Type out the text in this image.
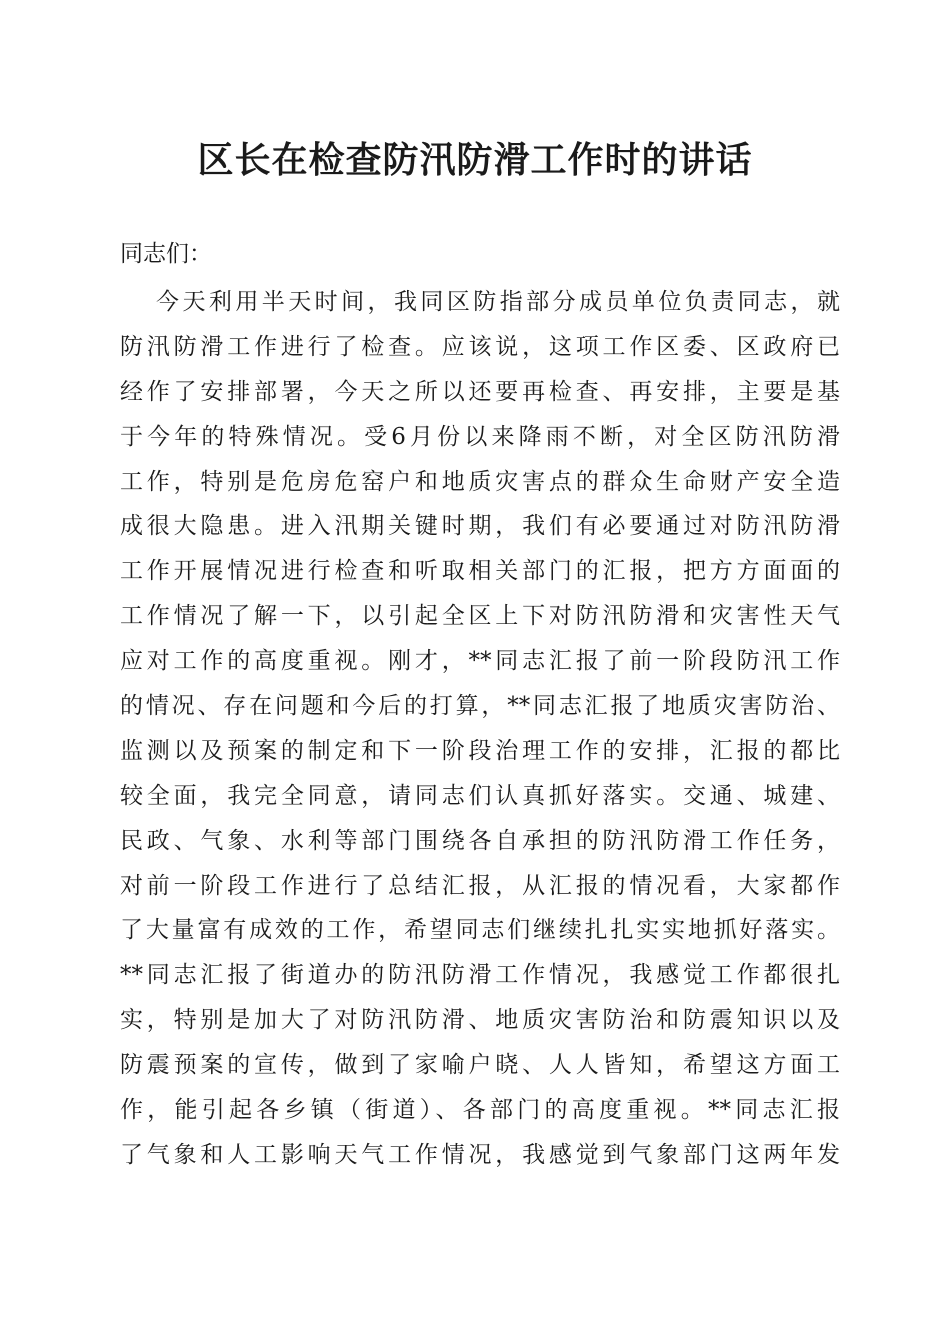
区长在检查防汛防滑工作时的讲话
同志们：
今天利用半天时间，我同区防指部分成员单位负责同志，就
防汛防滑工作进行了检查。应该说，这项工作区委、区政府已
经作了安排部署，今天之所以还要再检查、再安排，主要是基
于今年的特殊情况。受6月份以来降雨不断，对全区防汛防滑
工作，特别是危房危窑户和地质灾害点的群众生命财产安全造
成很大隐患。进入汛期关键时期，我们有必要通过对防汛防滑
工作开展情况进行检查和听取相关部门的汇报，把方方面面的
工作情况了解一下，以引起全区上下对防汛防滑和灾害性天气
应对工作的高度重视。刚才，**同志汇报了前一阶段防汛工作
的情况、存在问题和今后的打算，**同志汇报了地质灾害防治、
监测以及预案的制定和下一阶段治理工作的安排，汇报的都比
较全面，我完全同意，请同志们认真抓好落实。交通、城建、
民政、气象、水利等部门围绕各自承担的防汛防滑工作任务，
对前一阶段工作进行了总结汇报，从汇报的情况看，大家都作
了大量富有成效的工作，希望同志们继续扎扎实实地抓好落实。
**同志汇报了街道办的防汛防滑工作情况，我感觉工作都很扎
实，特别是加大了对防汛防滑、地质灾害防治和防震知识以及
防震预案的宣传，做到了家喻户晓、人人皆知，希望这方面工
作，能引起各乡镇（街道）、各部门的高度重视。**同志汇报
了气象和人工影响天气工作情况，我感觉到气象部门这两年发
